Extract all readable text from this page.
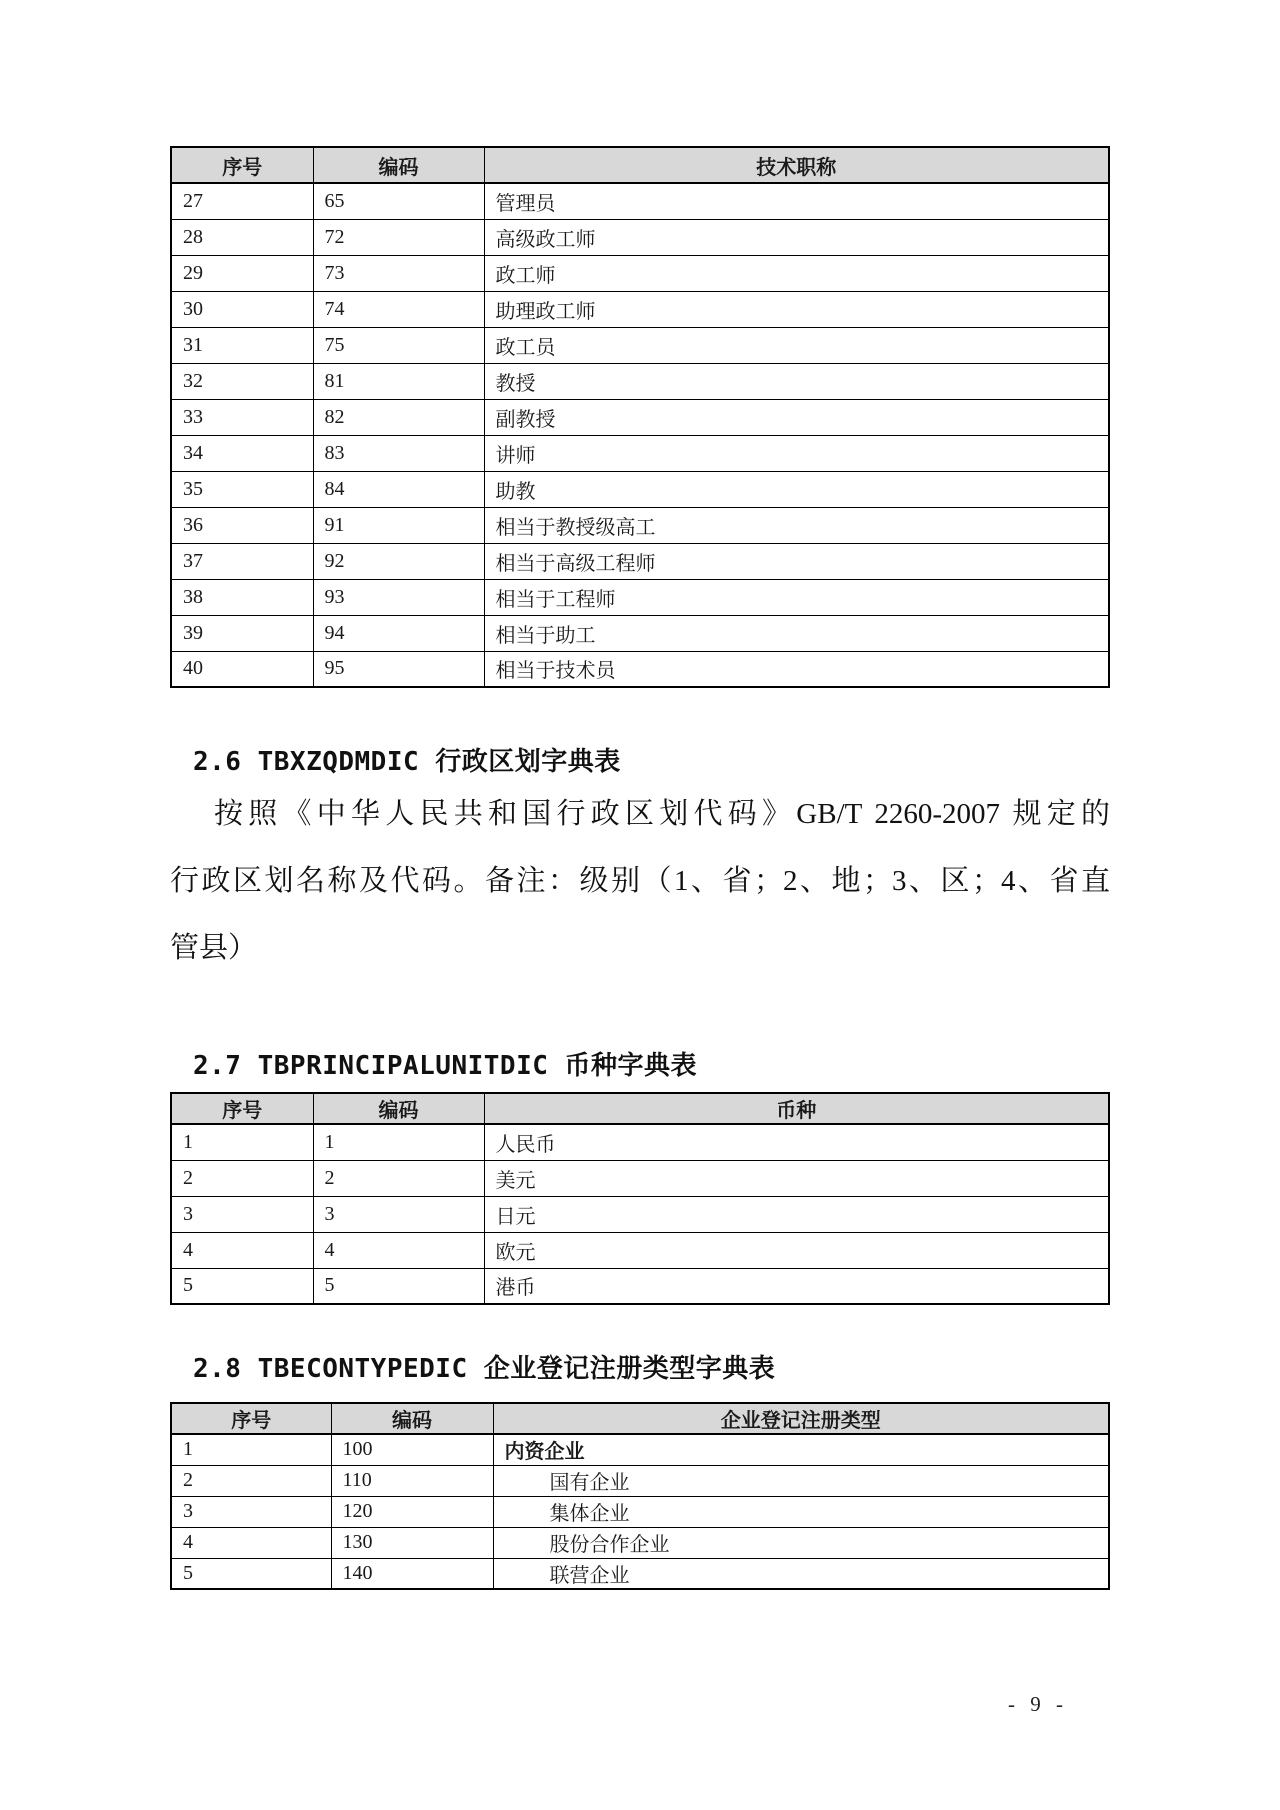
序号	编码	技术职称
27	65	管理员
28	72	高级政工师
29	73	政工师
30	74	助理政工师
31	75	政工员
32	81	教授
33	82	副教授
34	83	讲师
35	84	助教
36	91	相当于教授级高工
37	92	相当于高级工程师
38	93	相当于工程师
39	94	相当于助工
40	95	相当于技术员
2.6 TBXZQDMDIC 行政区划字典表
按照《中华人民共和国行政区划代码》GB/T 2260-2007 规定的
行政区划名称及代码。备注：级别（1、省；2、地；3、区；4、省直
管县）
2.7 TBPRINCIPALUNITDIC 币种字典表
序号	编码	币种
1	1	人民币
2	2	美元
3	3	日元
4	4	欧元
5	5	港币
2.8 TBECONTYPEDIC 企业登记注册类型字典表
序号	编码	企业登记注册类型
1	100	内资企业
2	110	国有企业
3	120	集体企业
4	130	股份合作企业
5	140	联营企业
- 9 -
